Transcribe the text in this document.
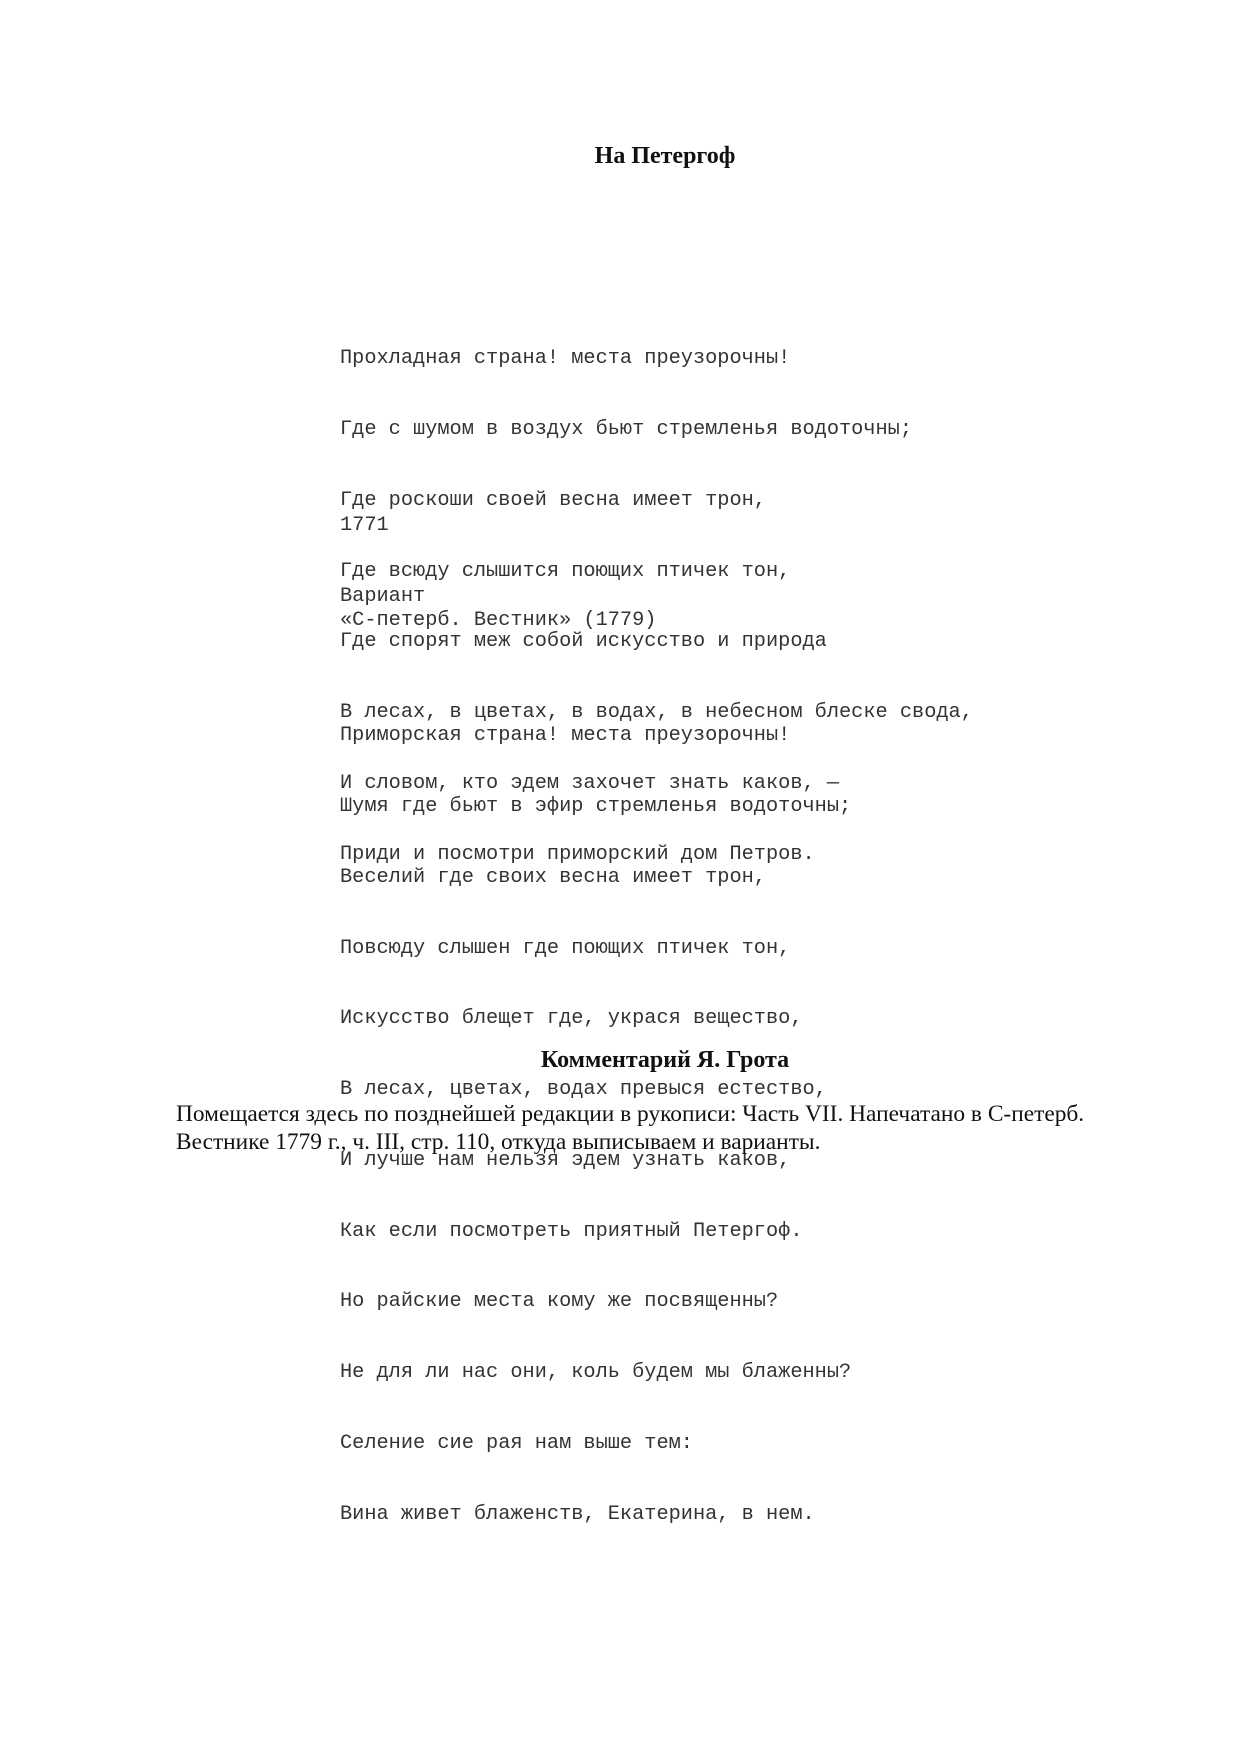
На Петергоф

Прохладная страна! места преузорочны!

Где с шумом в воздух бьют стремленья водоточны;

Где роскоши своей весна имеет трон,

Где всюду слышится поющих птичек тон,

Где спорят меж собой искусство и природа

В лесах, в цветах, в водах, в небесном блеске свода,

И словом, кто эдем захочет знать каков, —

Приди и посмотри приморский дом Петров.

1771

Вариант

«С-петерб. Вестник» (1779)

Приморская страна! места преузорочны!

Шумя где бьют в эфир стремленья водоточны;

Веселий где своих весна имеет трон,

Повсюду слышен где поющих птичек тон,

Искусство блещет где, украся вещество,

В лесах, цветах, водах превыся естество,

И лучше нам нельзя эдем узнать каков,

Как если посмотреть приятный Петергоф.

Но райские места кому же посвященны?

Не для ли нас они, коль будем мы блаженны?

Селение сие рая нам выше тем:

Вина живет блаженств, Екатерина, в нем.

Комментарий Я. Грота

Помещается здесь по позднейшей редакции в рукописи: Часть VII. Напечатано в С-петерб.
Вестнике 1779 г., ч. III, стр. 110, откуда выписываем и варианты.
